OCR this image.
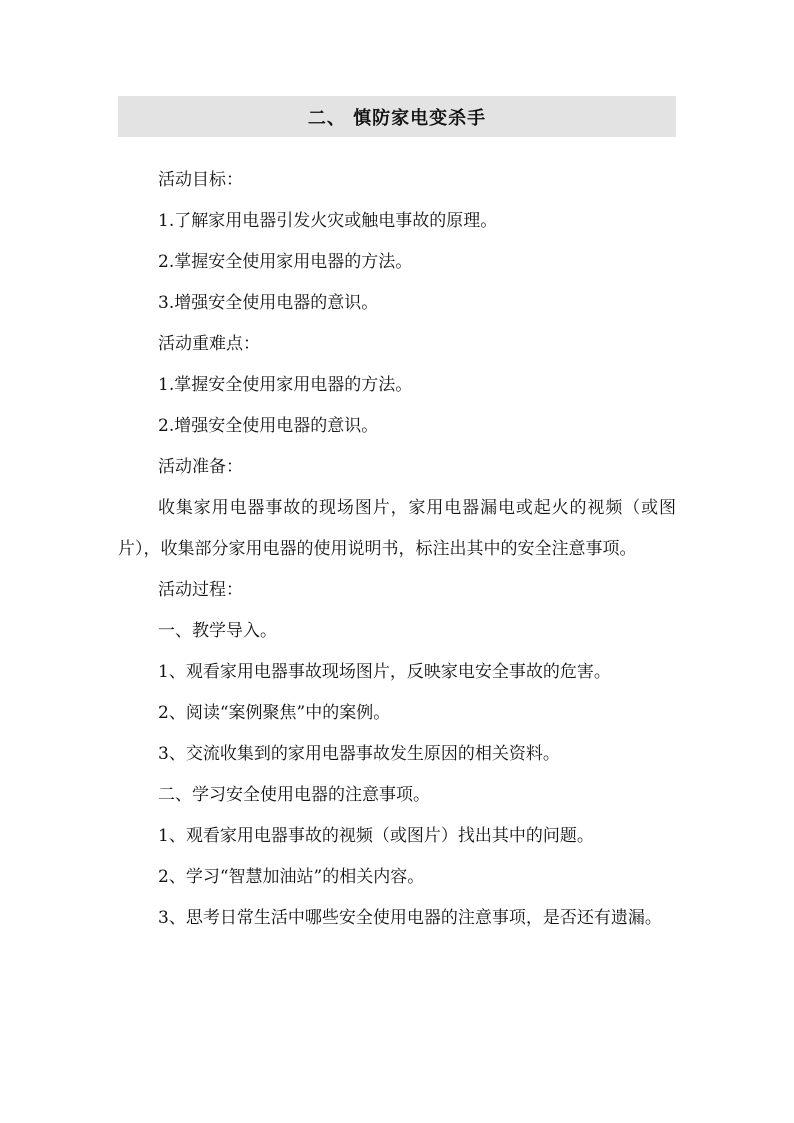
二、 慎防家电变杀手

活动目标：

1.了解家用电器引发火灾或触电事故的原理。

2.掌握安全使用家用电器的方法。

3.增强安全使用电器的意识。

活动重难点：

1.掌握安全使用家用电器的方法。

2.增强安全使用电器的意识。

活动准备：

收集家用电器事故的现场图片，家用电器漏电或起火的视频（或图片），收集部分家用电器的使用说明书，标注出其中的安全注意事项。

活动过程：

一、教学导入。

1、观看家用电器事故现场图片，反映家电安全事故的危害。

2、阅读“案例聚焦”中的案例。

3、交流收集到的家用电器事故发生原因的相关资料。

二、学习安全使用电器的注意事项。

1、观看家用电器事故的视频（或图片）找出其中的问题。

2、学习“智慧加油站”的相关内容。

3、思考日常生活中哪些安全使用电器的注意事项，是否还有遗漏。
